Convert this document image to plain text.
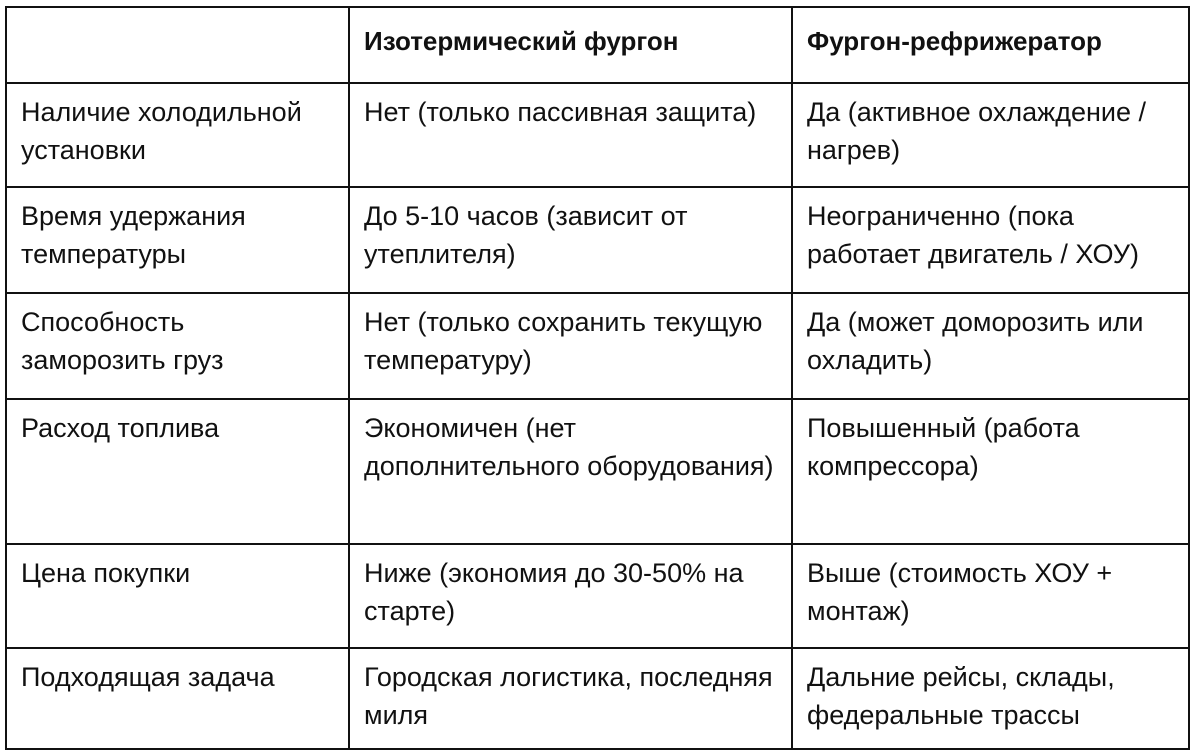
	Изотермический фургон	Фургон-рефрижератор
Наличие холодильной установки	Нет (только пассивная защита)	Да (активное охлаждение / нагрев)
Время удержания температуры	До 5-10 часов (зависит от утеплителя)	Неограниченно (пока работает двигатель / ХОУ)
Способность заморозить груз	Нет (только сохранить текущую температуру)	Да (может доморозить или охладить)
Расход топлива	Экономичен (нет дополнительного оборудования)	Повышенный (работа компрессора)
Цена покупки	Ниже (экономия до 30-50% на старте)	Выше (стоимость ХОУ + монтаж)
Подходящая задача	Городская логистика, последняя миля	Дальние рейсы, склады, федеральные трассы
